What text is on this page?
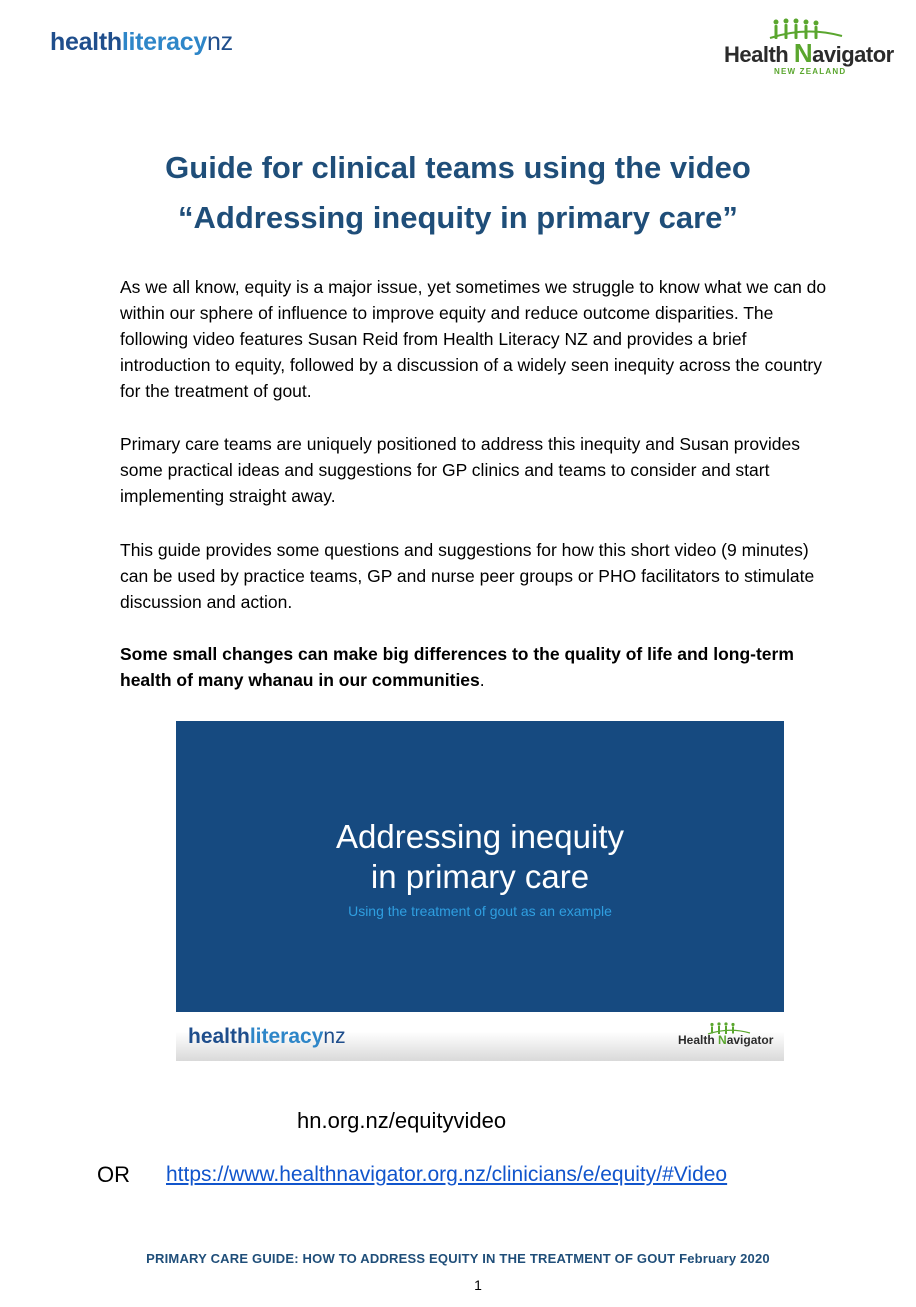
healthliteracynz	Health Navigator
NEW ZEALAND
Guide for clinical teams using the video
“Addressing inequity in primary care”
As we all know, equity is a major issue, yet sometimes we struggle to know what we can do within our sphere of influence to improve equity and reduce outcome disparities. The following video features Susan Reid from Health Literacy NZ and provides a brief introduction to equity, followed by a discussion of a widely seen inequity across the country for the treatment of gout.
Primary care teams are uniquely positioned to address this inequity and Susan provides some practical ideas and suggestions for GP clinics and teams to consider and start implementing straight away.
This guide provides some questions and suggestions for how this short video (9 minutes) can be used by practice teams, GP and nurse peer groups or PHO facilitators to stimulate discussion and action.
Some small changes can make big differences to the quality of life and long-term health of many whanau in our communities.
Addressing inequity
in primary care
Using the treatment of gout as an example
healthliteracynz	Health Navigator
hn.org.nz/equityvideo
OR https://www.healthnavigator.org.nz/clinicians/e/equity/#Video
PRIMARY CARE GUIDE: HOW TO ADDRESS EQUITY IN THE TREATMENT OF GOUT February 2020
1
